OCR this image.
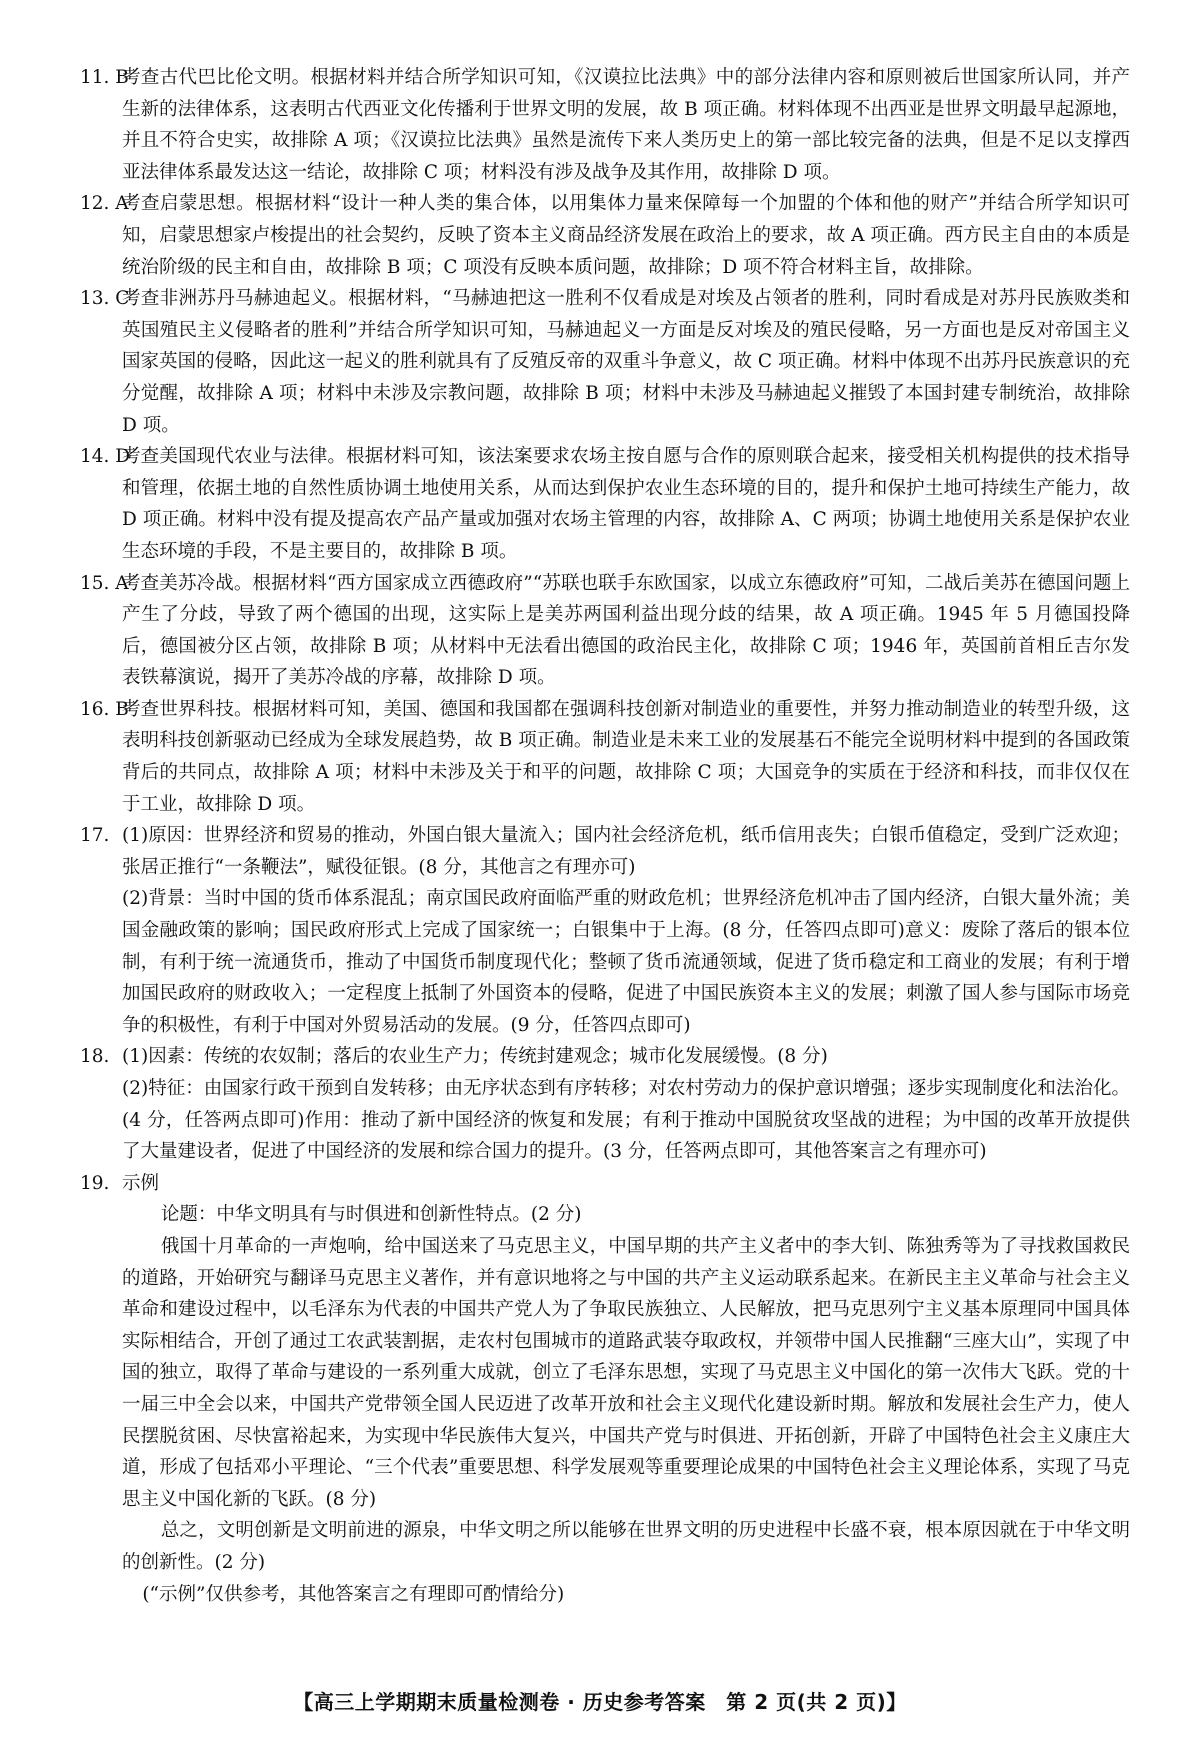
11. B
考查古代巴比伦文明。根据材料并结合所学知识可知，《汉谟拉比法典》中的部分法律内容和原则被后世国家所认同，并产生新的法律体系，这表明古代西亚文化传播利于世界文明的发展，故 B 项正确。材料体现不出西亚是世界文明最早起源地，并且不符合史实，故排除 A 项；《汉谟拉比法典》虽然是流传下来人类历史上的第一部比较完备的法典，但是不足以支撑西亚法律体系最发达这一结论，故排除 C 项；材料没有涉及战争及其作用，故排除 D 项。
12. A
考查启蒙思想。根据材料“设计一种人类的集合体，以用集体力量来保障每一个加盟的个体和他的财产”并结合所学知识可知，启蒙思想家卢梭提出的社会契约，反映了资本主义商品经济发展在政治上的要求，故 A 项正确。西方民主自由的本质是统治阶级的民主和自由，故排除 B 项；C 项没有反映本质问题，故排除；D 项不符合材料主旨，故排除。
13. C
考查非洲苏丹马赫迪起义。根据材料，“马赫迪把这一胜利不仅看成是对埃及占领者的胜利，同时看成是对苏丹民族败类和英国殖民主义侵略者的胜利”并结合所学知识可知，马赫迪起义一方面是反对埃及的殖民侵略，另一方面也是反对帝国主义国家英国的侵略，因此这一起义的胜利就具有了反殖反帝的双重斗争意义，故 C 项正确。材料中体现不出苏丹民族意识的充分觉醒，故排除 A 项；材料中未涉及宗教问题，故排除 B 项；材料中未涉及马赫迪起义摧毁了本国封建专制统治，故排除 D 项。
14. D
考查美国现代农业与法律。根据材料可知，该法案要求农场主按自愿与合作的原则联合起来，接受相关机构提供的技术指导和管理，依据土地的自然性质协调土地使用关系，从而达到保护农业生态环境的目的，提升和保护土地可持续生产能力，故 D 项正确。材料中没有提及提高农产品产量或加强对农场主管理的内容，故排除 A、C 两项；协调土地使用关系是保护农业生态环境的手段，不是主要目的，故排除 B 项。
15. A
考查美苏冷战。根据材料“西方国家成立西德政府”“苏联也联手东欧国家，以成立东德政府”可知，二战后美苏在德国问题上产生了分歧，导致了两个德国的出现，这实际上是美苏两国利益出现分歧的结果，故 A 项正确。1945 年 5 月德国投降后，德国被分区占领，故排除 B 项；从材料中无法看出德国的政治民主化，故排除 C 项；1946 年，英国前首相丘吉尔发表铁幕演说，揭开了美苏冷战的序幕，故排除 D 项。
16. B
考查世界科技。根据材料可知，美国、德国和我国都在强调科技创新对制造业的重要性，并努力推动制造业的转型升级，这表明科技创新驱动已经成为全球发展趋势，故 B 项正确。制造业是未来工业的发展基石不能完全说明材料中提到的各国政策背后的共同点，故排除 A 项；材料中未涉及关于和平的问题，故排除 C 项；大国竞争的实质在于经济和科技，而非仅仅在于工业，故排除 D 项。
17. (1)原因：世界经济和贸易的推动，外国白银大量流入；国内社会经济危机，纸币信用丧失；白银币值稳定，受到广泛欢迎；张居正推行“一条鞭法”，赋役征银。(8 分，其他言之有理亦可)

(2)背景：当时中国的货币体系混乱；南京国民政府面临严重的财政危机；世界经济危机冲击了国内经济，白银大量外流；美国金融政策的影响；国民政府形式上完成了国家统一；白银集中于上海。(8 分，任答四点即可)意义：废除了落后的银本位制，有利于统一流通货币，推动了中国货币制度现代化；整顿了货币流通领域，促进了货币稳定和工商业的发展；有利于增加国民政府的财政收入；一定程度上抵制了外国资本的侵略，促进了中国民族资本主义的发展；刺激了国人参与国际市场竞争的积极性，有利于中国对外贸易活动的发展。(9 分，任答四点即可)

18. (1)因素：传统的农奴制；落后的农业生产力；传统封建观念；城市化发展缓慢。(8 分)

(2)特征：由国家行政干预到自发转移；由无序状态到有序转移；对农村劳动力的保护意识增强；逐步实现制度化和法治化。(4 分，任答两点即可)作用：推动了新中国经济的恢复和发展；有利于推动中国脱贫攻坚战的进程；为中国的改革开放提供了大量建设者，促进了中国经济的发展和综合国力的提升。(3 分，任答两点即可，其他答案言之有理亦可)

19. 示例

论题：中华文明具有与时俱进和创新性特点。(2 分)

俄国十月革命的一声炮响，给中国送来了马克思主义，中国早期的共产主义者中的李大钊、陈独秀等为了寻找救国救民的道路，开始研究与翻译马克思主义著作，并有意识地将之与中国的共产主义运动联系起来。在新民主主义革命与社会主义革命和建设过程中，以毛泽东为代表的中国共产党人为了争取民族独立、人民解放，把马克思列宁主义基本原理同中国具体实际相结合，开创了通过工农武装割据，走农村包围城市的道路武装夺取政权，并领带中国人民推翻“三座大山”，实现了中国的独立，取得了革命与建设的一系列重大成就，创立了毛泽东思想，实现了马克思主义中国化的第一次伟大飞跃。党的十一届三中全会以来，中国共产党带领全国人民迈进了改革开放和社会主义现代化建设新时期。解放和发展社会生产力，使人民摆脱贫困、尽快富裕起来，为实现中华民族伟大复兴，中国共产党与时俱进、开拓创新，开辟了中国特色社会主义康庄大道，形成了包括邓小平理论、“三个代表”重要思想、科学发展观等重要理论成果的中国特色社会主义理论体系，实现了马克思主义中国化新的飞跃。(8 分)

总之，文明创新是文明前进的源泉，中华文明之所以能够在世界文明的历史进程中长盛不衰，根本原因就在于中华文明的创新性。(2 分)

(“示例”仅供参考，其他答案言之有理即可酌情给分)

【高三上学期期末质量检测卷 · 历史参考答案　第 2 页(共 2 页)】
